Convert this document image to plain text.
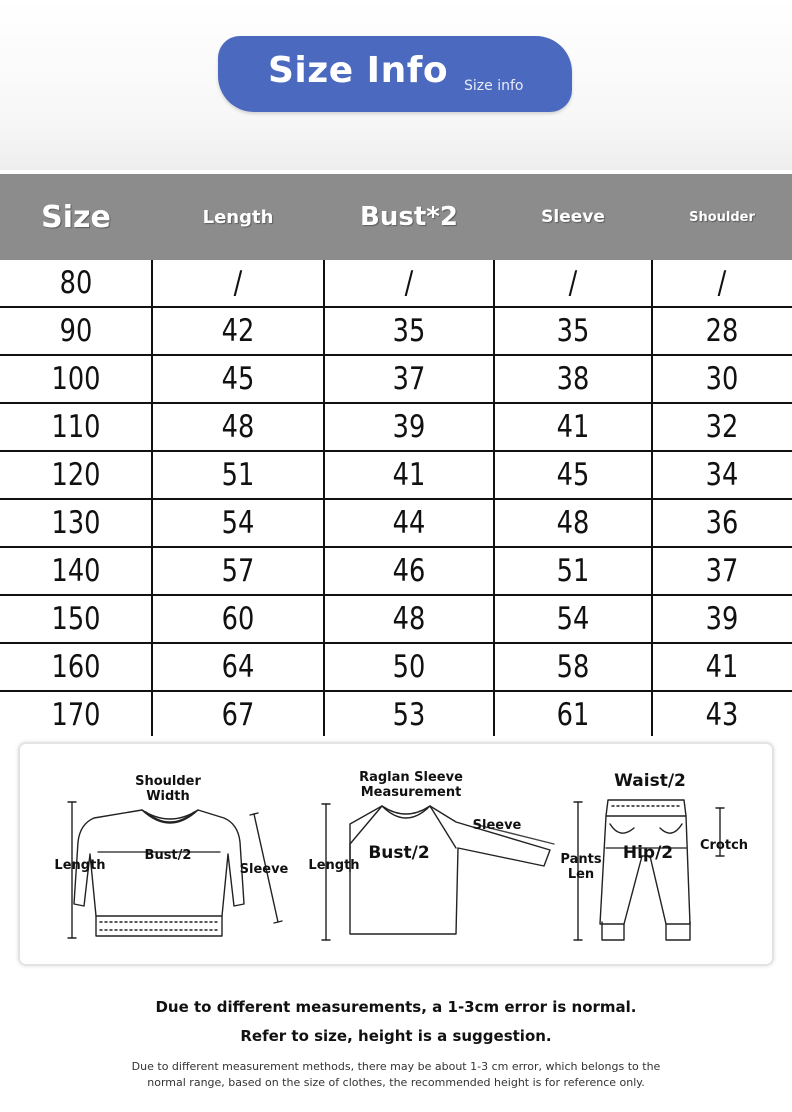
Size Info Size info
Size	Length	Bust*2	Sleeve	Shoulder
80	/	/	/	/
90	42	35	35	28
100	45	37	38	30
110	48	39	41	32
120	51	41	45	34
130	54	44	48	36
140	57	46	51	37
150	60	48	54	39
160	64	50	58	41
170	67	53	61	43
Shoulder Width
Length
Bust/2
Sleeve
Raglan Sleeve Measurement
Sleeve
Length
Bust/2
Waist/2
Pants Len
Hip/2	Crotch
Due to different measurements, a 1-3cm error is normal.
Refer to size, height is a suggestion.
Due to different measurement methods, there may be about 1-3 cm error, which belongs to the normal range, based on the size of clothes, the recommended height is for reference only.
